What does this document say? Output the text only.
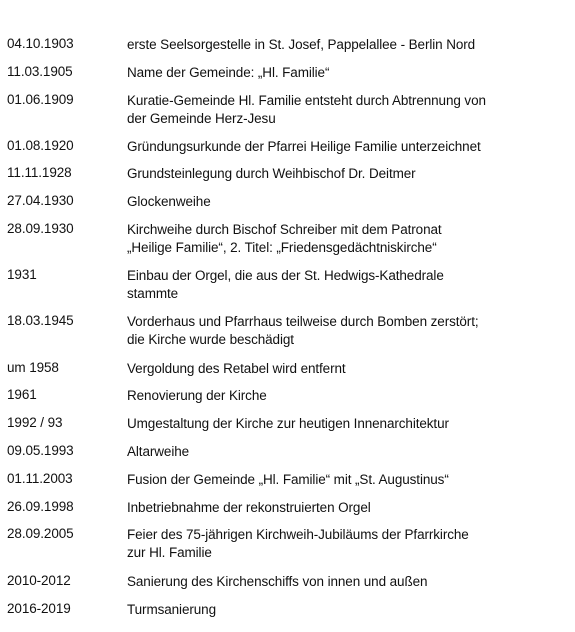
04.10.1903	erste Seelsorgestelle in St. Josef, Pappelallee - Berlin Nord
11.03.1905	Name der Gemeinde: „Hl. Familie“
01.06.1909	Kuratie-Gemeinde Hl. Familie entsteht durch Abtrennung von
der Gemeinde Herz-Jesu
01.08.1920	Gründungsurkunde der Pfarrei Heilige Familie unterzeichnet
11.11.1928	Grundsteinlegung durch Weihbischof Dr. Deitmer
27.04.1930	Glockenweihe
28.09.1930	Kirchweihe durch Bischof Schreiber mit dem Patronat
„Heilige Familie“, 2. Titel: „Friedensgedächtniskirche“
1931	Einbau der Orgel, die aus der St. Hedwigs-Kathedrale
stammte
18.03.1945	Vorderhaus und Pfarrhaus teilweise durch Bomben zerstört;
die Kirche wurde beschädigt
um 1958	Vergoldung des Retabel wird entfernt
1961	Renovierung der Kirche
1992 / 93	Umgestaltung der Kirche zur heutigen Innenarchitektur
09.05.1993	Altarweihe
01.11.2003	Fusion der Gemeinde „Hl. Familie“ mit „St. Augustinus“
26.09.1998	Inbetriebnahme der rekonstruierten Orgel
28.09.2005	Feier des 75-jährigen Kirchweih-Jubiläums der Pfarrkirche
zur Hl. Familie
2010-2012	Sanierung des Kirchenschiffs von innen und außen
2016-2019	Turmsanierung
